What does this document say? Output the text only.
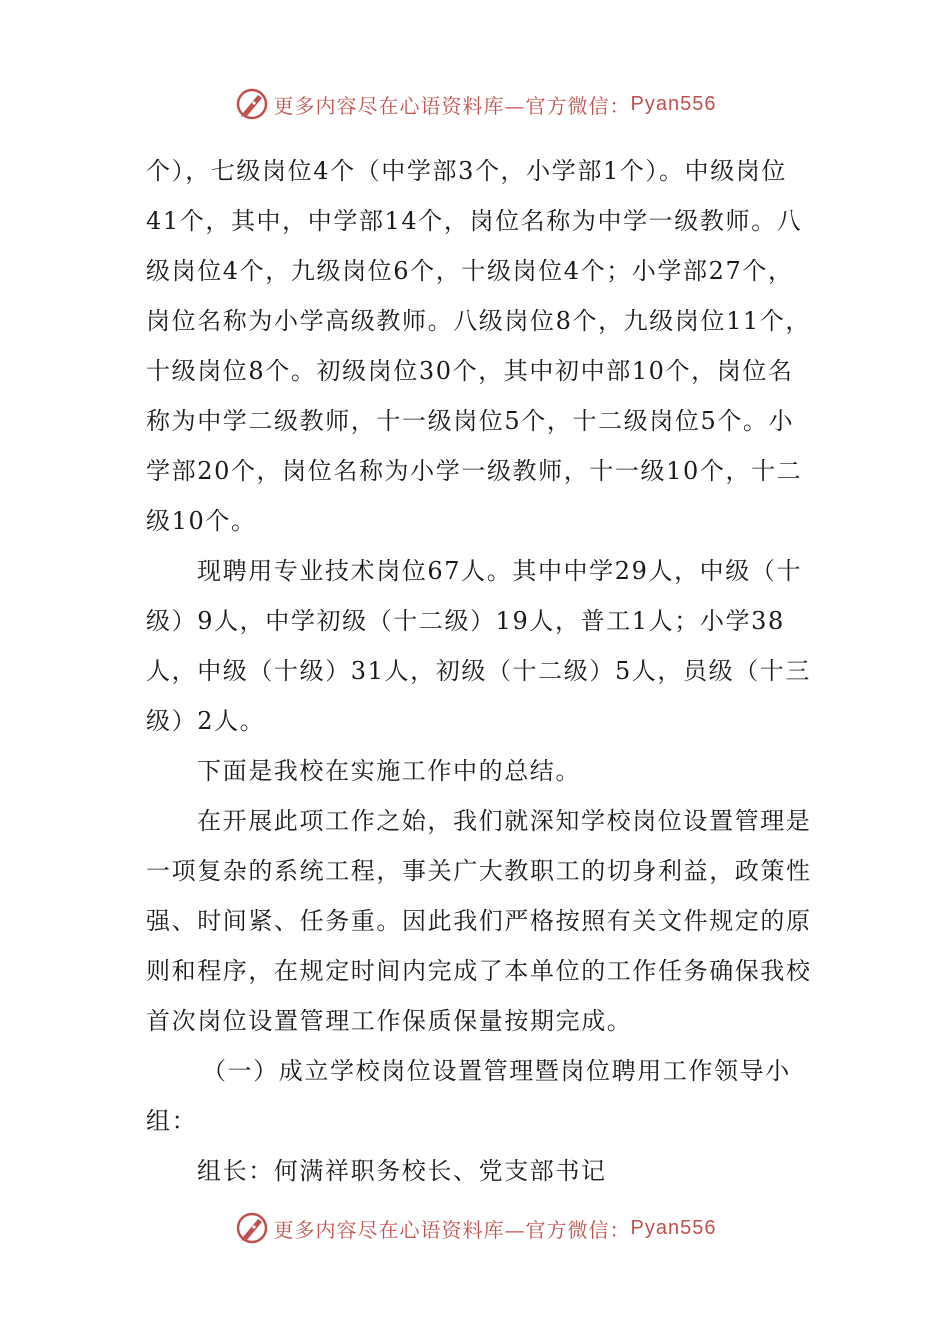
更多内容尽在心语资料库—官方微信： Pyan556

个），七级岗位4个（中学部3个，小学部1个）。中级岗位41个，其中，中学部14个，岗位名称为中学一级教师。八级岗位4个，九级岗位6个，十级岗位4个；小学部27个，岗位名称为小学高级教师。八级岗位8个，九级岗位11个，十级岗位8个。初级岗位30个，其中初中部10个，岗位名称为中学二级教师，十一级岗位5个，十二级岗位5个。小学部20个，岗位名称为小学一级教师，十一级10个，十二级10个。

现聘用专业技术岗位67人。其中中学29人，中级（十级）9人，中学初级（十二级）19人，普工1人；小学38人，中级（十级）31人，初级（十二级）5人，员级（十三级）2人。

下面是我校在实施工作中的总结。

在开展此项工作之始，我们就深知学校岗位设置管理是一项复杂的系统工程，事关广大教职工的切身利益，政策性强、时间紧、任务重。因此我们严格按照有关文件规定的原则和程序，在规定时间内完成了本单位的工作任务确保我校首次岗位设置管理工作保质保量按期完成。

（一）成立学校岗位设置管理暨岗位聘用工作领导小组：

组长：何满祥职务校长、党支部书记

更多内容尽在心语资料库—官方微信： Pyan556
